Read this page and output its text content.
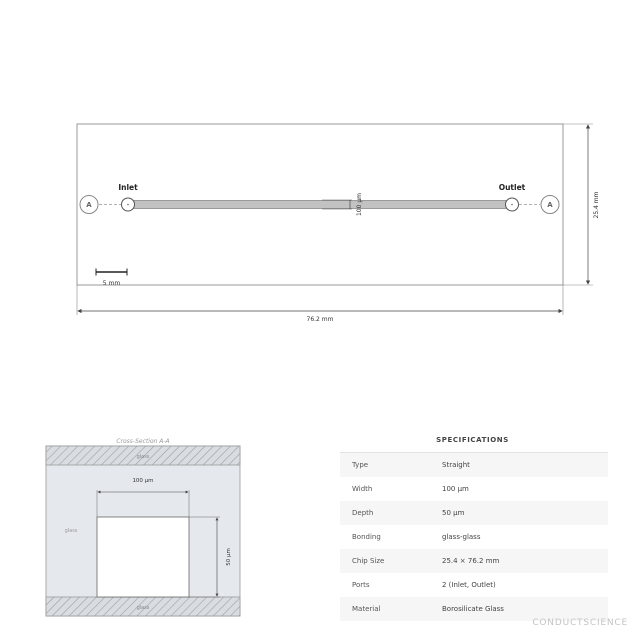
100 µm
Inlet	Outlet
A	A
5 mm
25.4 mm
76.2 mm
Cross-Section A-A
glass
glass
glass
100 µm
50 µm
SPECIFICATIONS
Type	Straight
Width	100 µm
Depth	50 µm
Bonding	glass-glass
Chip Size	25.4 × 76.2 mm
Ports	2 (Inlet, Outlet)
Material	Borosilicate Glass
CONDUCTSCIENCE
